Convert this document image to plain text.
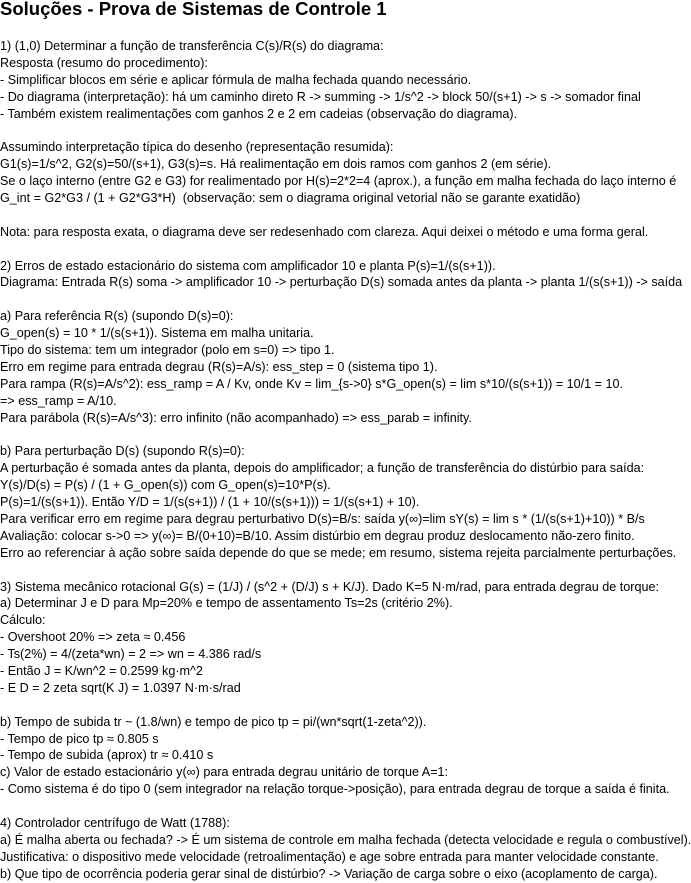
Soluções - Prova de Sistemas de Controle 1
1) (1,0) Determinar a função de transferência C(s)/R(s) do diagrama:
Resposta (resumo do procedimento):
- Simplificar blocos em série e aplicar fórmula de malha fechada quando necessário.
- Do diagrama (interpretação): há um caminho direto R -> summing -> 1/s^2 -> block 50/(s+1) -> s -> somador final
- Também existem realimentações com ganhos 2 e 2 em cadeias (observação do diagrama).
Assumindo interpretação típica do desenho (representação resumida):
G1(s)=1/s^2, G2(s)=50/(s+1), G3(s)=s. Há realimentação em dois ramos com ganhos 2 (em série).
Se o laço interno (entre G2 e G3) for realimentado por H(s)=2*2=4 (aprox.), a função em malha fechada do laço interno é
G_int = G2*G3 / (1 + G2*G3*H)  (observação: sem o diagrama original vetorial não se garante exatidão)
Nota: para resposta exata, o diagrama deve ser redesenhado com clareza. Aqui deixei o método e uma forma geral.
2) Erros de estado estacionário do sistema com amplificador 10 e planta P(s)=1/(s(s+1)).
Diagrama: Entrada R(s) soma -> amplificador 10 -> perturbação D(s) somada antes da planta -> planta 1/(s(s+1)) -> saída
a) Para referência R(s) (supondo D(s)=0):
G_open(s) = 10 * 1/(s(s+1)). Sistema em malha unitaria.
Tipo do sistema: tem um integrador (polo em s=0) => tipo 1.
Erro em regime para entrada degrau (R(s)=A/s): ess_step = 0 (sistema tipo 1).
Para rampa (R(s)=A/s^2): ess_ramp = A / Kv, onde Kv = lim_{s->0} s*G_open(s) = lim s*10/(s(s+1)) = 10/1 = 10.
=> ess_ramp = A/10.
Para parábola (R(s)=A/s^3): erro infinito (não acompanhado) => ess_parab = infinity.
b) Para perturbação D(s) (supondo R(s)=0):
A perturbação é somada antes da planta, depois do amplificador; a função de transferência do distúrbio para saída:
Y(s)/D(s) = P(s) / (1 + G_open(s)) com G_open(s)=10*P(s).
P(s)=1/(s(s+1)). Então Y/D = 1/(s(s+1)) / (1 + 10/(s(s+1))) = 1/(s(s+1) + 10).
Para verificar erro em regime para degrau perturbativo D(s)=B/s: saída y(∞)=lim sY(s) = lim s * (1/(s(s+1)+10)) * B/s
Avaliação: colocar s->0 => y(∞)= B/(0+10)=B/10. Assim distúrbio em degrau produz deslocamento não-zero finito.
Erro ao referenciar à ação sobre saída depende do que se mede; em resumo, sistema rejeita parcialmente perturbações.
3) Sistema mecânico rotacional G(s) = (1/J) / (s^2 + (D/J) s + K/J). Dado K=5 N·m/rad, para entrada degrau de torque:
a) Determinar J e D para Mp=20% e tempo de assentamento Ts=2s (critério 2%).
Cálculo:
- Overshoot 20% => zeta ≈ 0.456
- Ts(2%) = 4/(zeta*wn) = 2 => wn = 4.386 rad/s
- Então J = K/wn^2 = 0.2599 kg·m^2
- E D = 2 zeta sqrt(K J) = 1.0397 N·m·s/rad
b) Tempo de subida tr ~ (1.8/wn) e tempo de pico tp = pi/(wn*sqrt(1-zeta^2)).
- Tempo de pico tp ≈ 0.805 s
- Tempo de subida (aprox) tr ≈ 0.410 s
c) Valor de estado estacionário y(∞) para entrada degrau unitário de torque A=1:
- Como sistema é do tipo 0 (sem integrador na relação torque->posição), para entrada degrau de torque a saída é finita.
4) Controlador centrífugo de Watt (1788):
a) É malha aberta ou fechada? -> É um sistema de controle em malha fechada (detecta velocidade e regula o combustível).
Justificativa: o dispositivo mede velocidade (retroalimentação) e age sobre entrada para manter velocidade constante.
b) Que tipo de ocorrência poderia gerar sinal de distúrbio? -> Variação de carga sobre o eixo (acoplamento de carga).
